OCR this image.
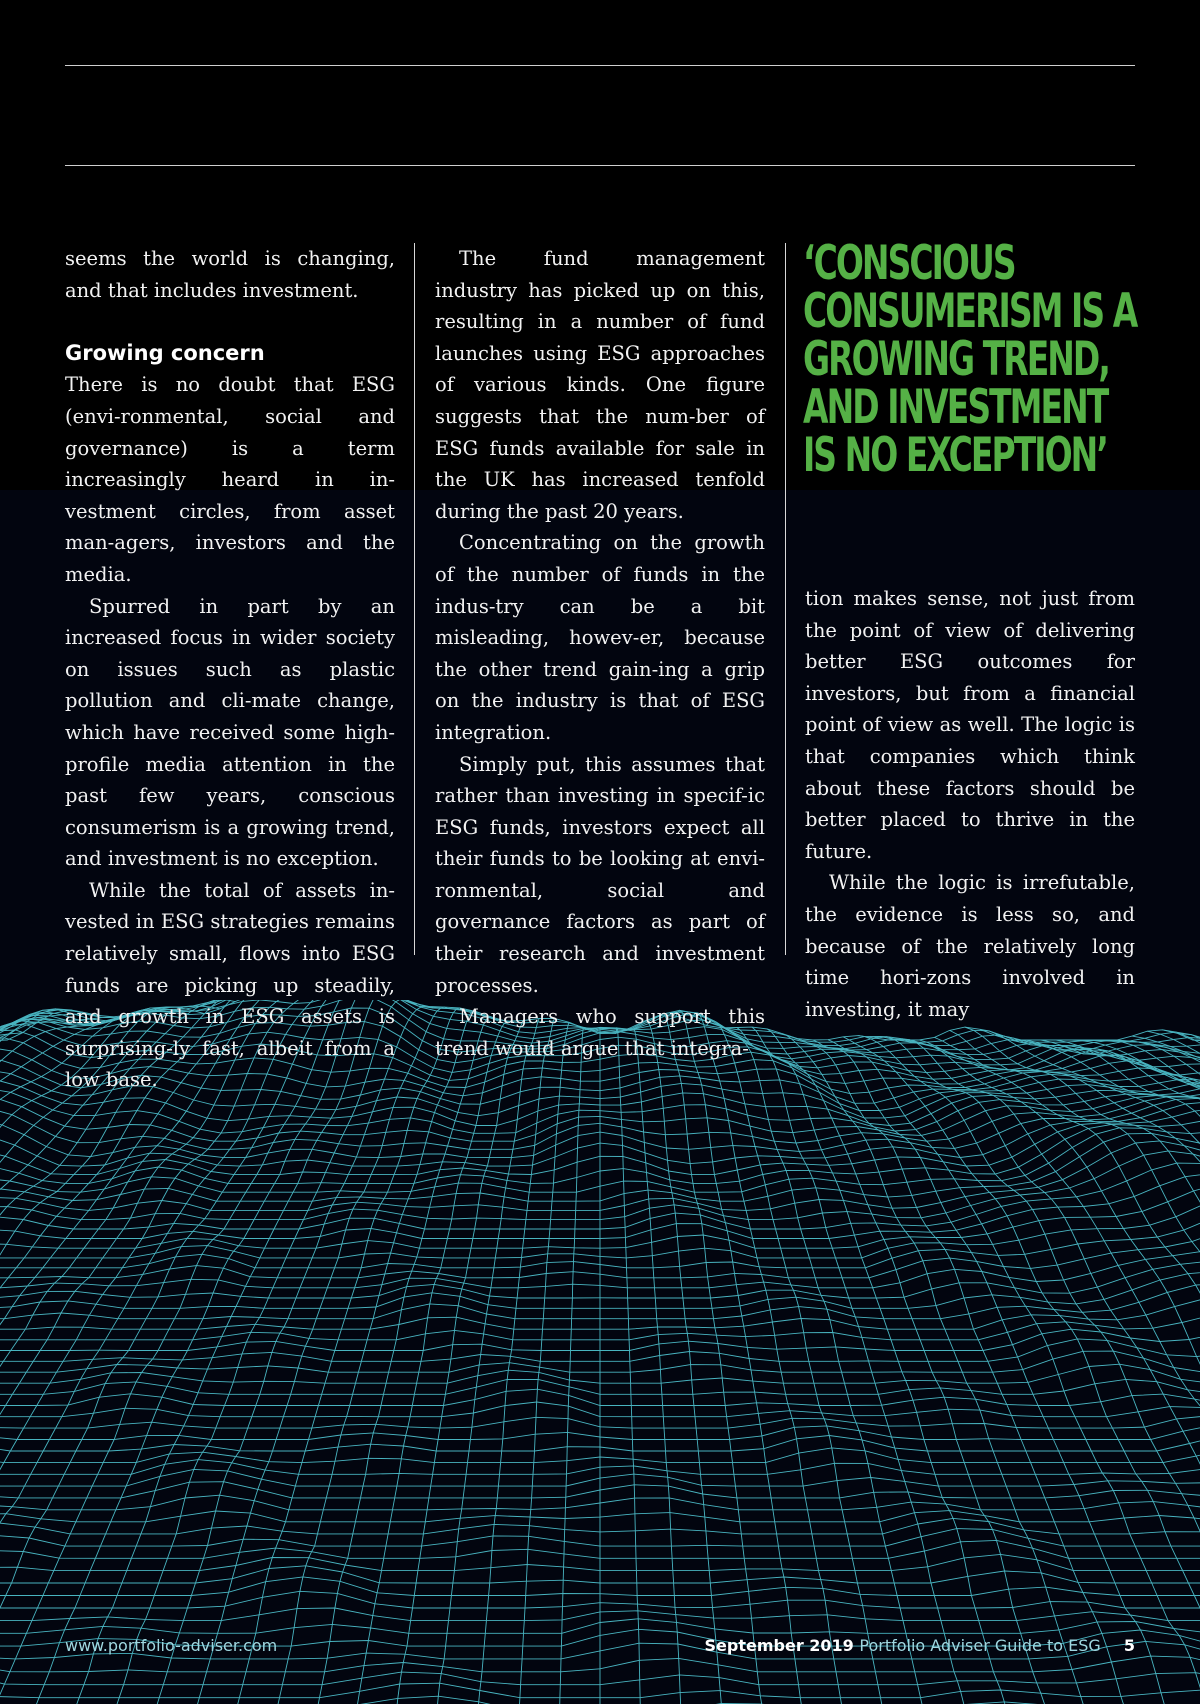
seems the world is changing, and that includes investment.

Growing concern

There is no doubt that ESG (envi-ronmental, social and governance) is a term increasingly heard in in-vestment circles, from asset man-agers, investors and the media.

Spurred in part by an increased focus in wider society on issues such as plastic pollution and cli-mate change, which have received some high-profile media attention in the past few years, conscious consumerism is a growing trend, and investment is no exception.

While the total of assets in-vested in ESG strategies remains relatively small, flows into ESG funds are picking up steadily, and growth in ESG assets is surprising-ly fast, albeit from a low base.

The fund management industry has picked up on this, resulting in a number of fund launches using ESG approaches of various kinds. One figure suggests that the num-ber of ESG funds available for sale in the UK has increased tenfold during the past 20 years.

Concentrating on the growth of the number of funds in the indus-try can be a bit misleading, howev-er, because the other trend gain-ing a grip on the industry is that of ESG integration.

Simply put, this assumes that rather than investing in specif-ic ESG funds, investors expect all their funds to be looking at envi-ronmental, social and governance factors as part of their research and investment processes.

Managers who support this trend would argue that integra-

‘CONSCIOUS CONSUMERISM IS A GROWING TREND, AND INVESTMENT IS NO EXCEPTION’

tion makes sense, not just from the point of view of delivering better ESG outcomes for investors, but from a financial point of view as well. The logic is that companies which think about these factors should be better placed to thrive in the future.

While the logic is irrefutable, the evidence is less so, and because of the relatively long time hori-zons involved in investing, it may

www.portfolio-adviser.com	September 2019 Portfolio Adviser Guide to ESG 5
